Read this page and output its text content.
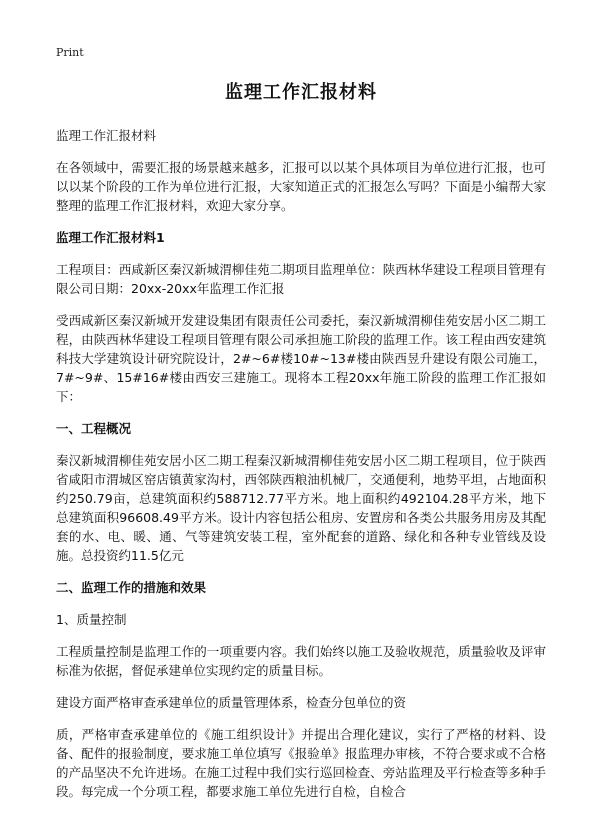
Print
监理工作汇报材料

监理工作汇报材料

在各领域中，需要汇报的场景越来越多，汇报可以以某个具体项目为单位进行汇报，也可以以某个阶段的工作为单位进行汇报，大家知道正式的汇报怎么写吗？下面是小编帮大家整理的监理工作汇报材料，欢迎大家分享。

监理工作汇报材料1

工程项目：西咸新区秦汉新城渭柳佳苑二期项目监理单位：陕西林华建设工程项目管理有限公司日期：20xx-20xx年监理工作汇报

受西咸新区秦汉新城开发建设集团有限责任公司委托，秦汉新城渭柳佳苑安居小区二期工程，由陕西林华建设工程项目管理有限公司承担施工阶段的监理工作。该工程由西安建筑科技大学建筑设计研究院设计，2#~6#楼10#~13#楼由陕西昱升建设有限公司施工，7#~9#、15#16#楼由西安三建施工。现将本工程20xx年施工阶段的监理工作汇报如下：

一、工程概况

秦汉新城渭柳佳苑安居小区二期工程秦汉新城渭柳佳苑安居小区二期工程项目，位于陕西省咸阳市渭城区窑店镇黄家沟村，西邻陕西粮油机械厂，交通便利，地势平坦，占地面积约250.79亩，总建筑面积约588712.77平方米。地上面积约492104.28平方米，地下总建筑面积96608.49平方米。设计内容包括公租房、安置房和各类公共服务用房及其配套的水、电、暖、通、气等建筑安装工程，室外配套的道路、绿化和各种专业管线及设施。总投资约11.5亿元

二、监理工作的措施和效果

1、质量控制

工程质量控制是监理工作的一项重要内容。我们始终以施工及验收规范，质量验收及评审标准为依据，督促承建单位实现约定的质量目标。

建设方面严格审查承建单位的质量管理体系，检查分包单位的资

质，严格审查承建单位的《施工组织设计》并提出合理化建议，实行了严格的材料、设备、配件的报验制度，要求施工单位填写《报验单》报监理办审核，不符合要求或不合格的产品坚决不允许进场。在施工过程中我们实行巡回检查、旁站监理及平行检查等多种手段。每完成一个分项工程，都要求施工单位先进行自检，自检合
